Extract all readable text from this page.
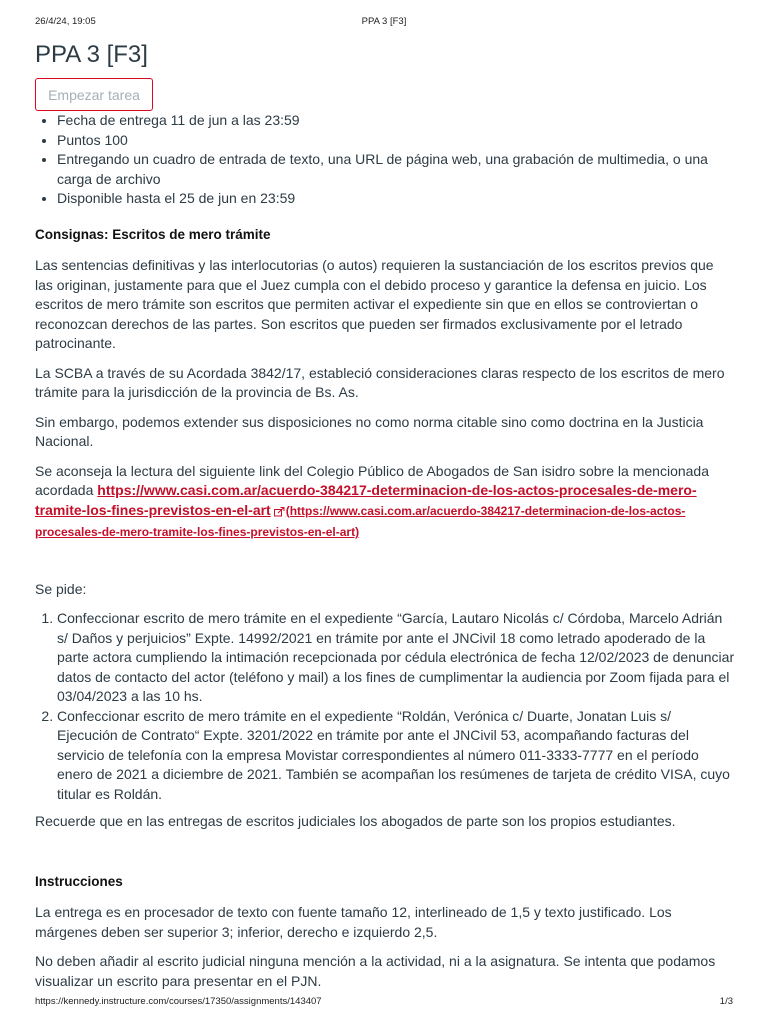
26/4/24, 19:05	PPA 3 [F3]
PPA 3 [F3]
Empezar tarea
• Fecha de entrega 11 de jun a las 23:59
• Puntos 100
• Entregando un cuadro de entrada de texto, una URL de página web, una grabación de multimedia, o una carga de archivo
• Disponible hasta el 25 de jun en 23:59
Consignas: Escritos de mero trámite

Las sentencias definitivas y las interlocutorias (o autos) requieren la sustanciación de los escritos previos que las originan, justamente para que el Juez cumpla con el debido proceso y garantice la defensa en juicio. Los escritos de mero trámite son escritos que permiten activar el expediente sin que en ellos se controviertan o reconozcan derechos de las partes. Son escritos que pueden ser firmados exclusivamente por el letrado patrocinante.

La SCBA a través de su Acordada 3842/17, estableció consideraciones claras respecto de los escritos de mero trámite para la jurisdicción de la provincia de Bs. As.

Sin embargo, podemos extender sus disposiciones no como norma citable sino como doctrina en la Justicia Nacional.

Se aconseja la lectura del siguiente link del Colegio Público de Abogados de San isidro sobre la mencionada acordada https://www.casi.com.ar/acuerdo-384217-determinacion-de-los-actos-procesales-de-mero-tramite-los-fines-previstos-en-el-art (https://www.casi.com.ar/acuerdo-384217-determinacion-de-los-actos-procesales-de-mero-tramite-los-fines-previstos-en-el-art)

Se pide:

1. Confeccionar escrito de mero trámite en el expediente “García, Lautaro Nicolás c/ Córdoba, Marcelo Adrián s/ Daños y perjuicios” Expte. 14992/2021 en trámite por ante el JNCivil 18 como letrado apoderado de la parte actora cumpliendo la intimación recepcionada por cédula electrónica de fecha 12/02/2023 de denunciar datos de contacto del actor (teléfono y mail) a los fines de cumplimentar la audiencia por Zoom fijada para el 03/04/2023 a las 10 hs.
2. Confeccionar escrito de mero trámite en el expediente “Roldán, Verónica c/ Duarte, Jonatan Luis s/ Ejecución de Contrato“ Expte. 3201/2022 en trámite por ante el JNCivil 53, acompañando facturas del servicio de telefonía con la empresa Movistar correspondientes al número 011-3333-7777 en el período enero de 2021 a diciembre de 2021. También se acompañan los resúmenes de tarjeta de crédito VISA, cuyo titular es Roldán.

Recuerde que en las entregas de escritos judiciales los abogados de parte son los propios estudiantes.

Instrucciones

La entrega es en procesador de texto con fuente tamaño 12, interlineado de 1,5 y texto justificado. Los márgenes deben ser superior 3; inferior, derecho e izquierdo 2,5.

No deben añadir al escrito judicial ninguna mención a la actividad, ni a la asignatura. Se intenta que podamos visualizar un escrito para presentar en el PJN.

https://kennedy.instructure.com/courses/17350/assignments/143407	1/3
